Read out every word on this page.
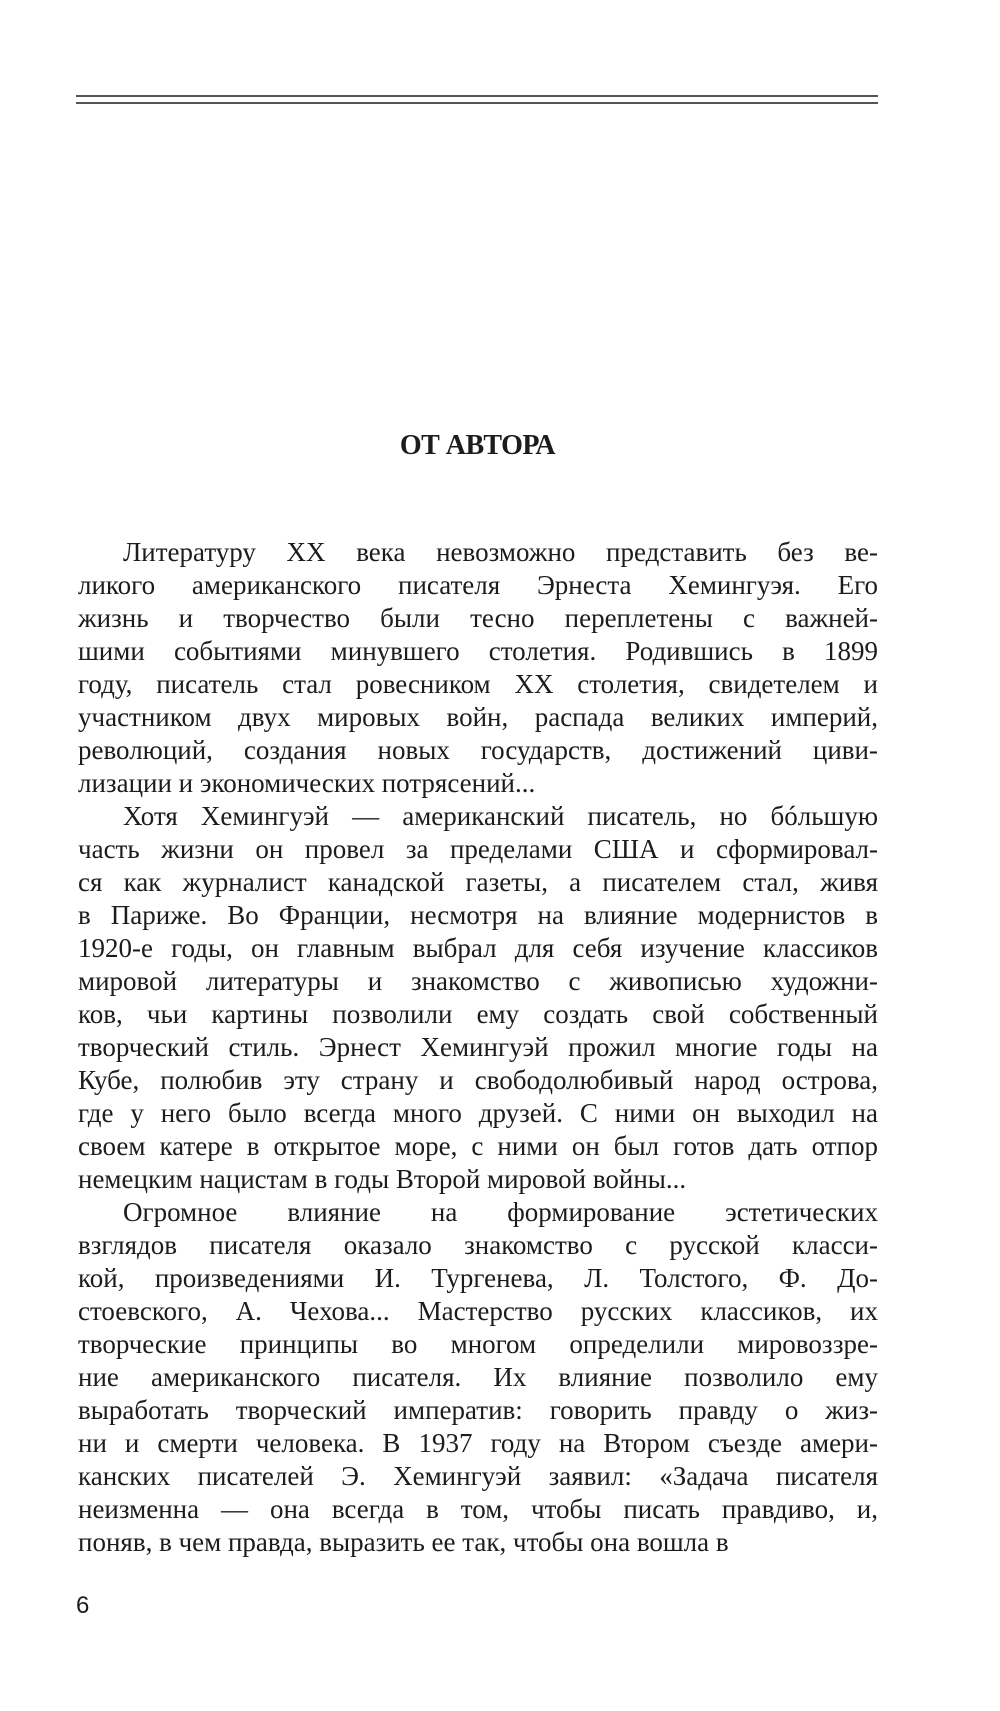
ОТ АВТОРА
Литературу XX века невозможно представить без ве-
ликого американского писателя Эрнеста Хемингуэя. Его
жизнь и творчество были тесно переплетены с важней-
шими событиями минувшего столетия. Родившись в 1899
году, писатель стал ровесником XX столетия, свидетелем и
участником двух мировых войн, распада великих империй,
революций, создания новых государств, достижений циви-
лизации и экономических потрясений...
Хотя Хемингуэй — американский писатель, но бóльшую
часть жизни он провел за пределами США и сформировал-
ся как журналист канадской газеты, а писателем стал, живя
в Париже. Во Франции, несмотря на влияние модернистов в
1920-е годы, он главным выбрал для себя изучение классиков
мировой литературы и знакомство с живописью художни-
ков, чьи картины позволили ему создать свой собственный
творческий стиль. Эрнест Хемингуэй прожил многие годы на
Кубе, полюбив эту страну и свободолюбивый народ острова,
где у него было всегда много друзей. С ними он выходил на
своем катере в открытое море, с ними он был готов дать отпор
немецким нацистам в годы Второй мировой войны...
Огромное влияние на формирование эстетических
взглядов писателя оказало знакомство с русской класси-
кой, произведениями И. Тургенева, Л. Толстого, Ф. До-
стоевского, А. Чехова... Мастерство русских классиков, их
творческие принципы во многом определили мировоззре-
ние американского писателя. Их влияние позволило ему
выработать творческий императив: говорить правду о жиз-
ни и смерти человека. В 1937 году на Втором съезде амери-
канских писателей Э. Хемингуэй заявил: «Задача писателя
неизменна — она всегда в том, чтобы писать правдиво, и,
поняв, в чем правда, выразить ее так, чтобы она вошла в
6
